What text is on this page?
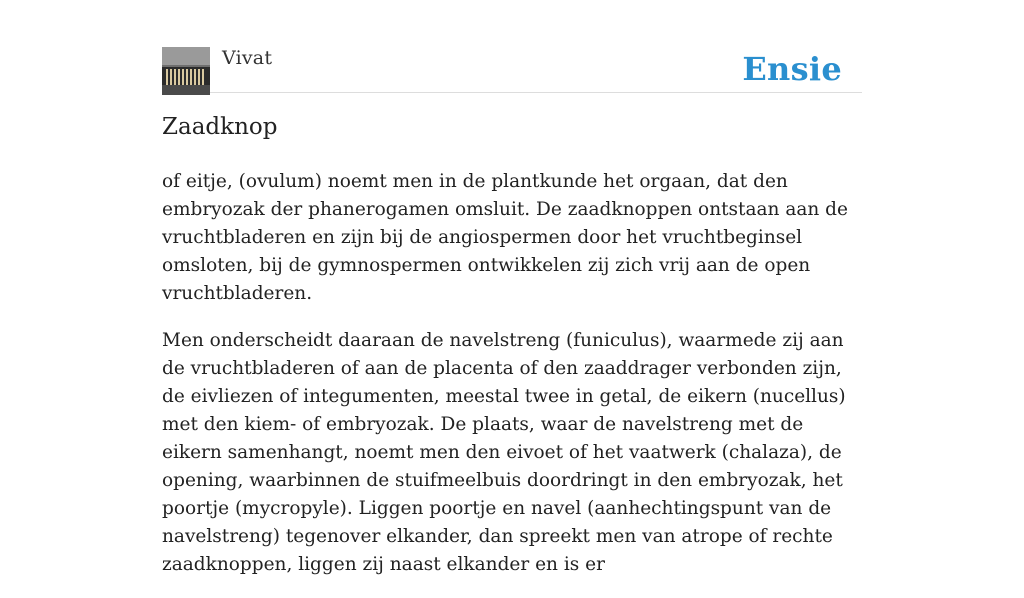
Vivat	Ensie
Zaadknop

of eitje, (ovulum) noemt men in de plantkunde het orgaan, dat den embryozak der phanerogamen omsluit. De zaadknoppen ontstaan aan de vruchtbladeren en zijn bij de angiospermen door het vruchtbeginsel omsloten, bij de gymnospermen ontwikkelen zij zich vrij aan de open vruchtbladeren.

Men onderscheidt daaraan de navelstreng (funiculus), waarmede zij aan de vruchtbladeren of aan de placenta of den zaaddrager verbonden zijn, de eivliezen of integumenten, meestal twee in getal, de eikern (nucellus) met den kiem- of embryozak. De plaats, waar de navelstreng met de eikern samenhangt, noemt men den eivoet of het vaatwerk (chalaza), de opening, waarbinnen de stuifmeelbuis doordringt in den embryozak, het poortje (mycropyle). Liggen poortje en navel (aanhechtingspunt van de navelstreng) tegenover elkander, dan spreekt men van atrope of rechte zaadknoppen, liggen zij naast elkander en is er
